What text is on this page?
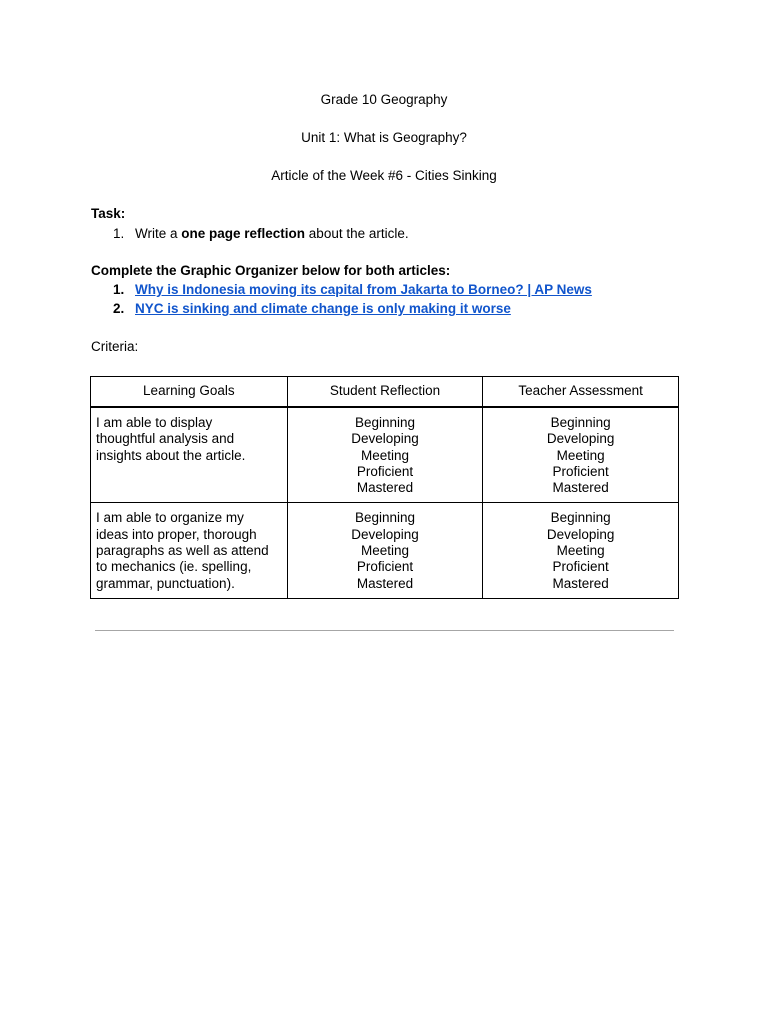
Grade 10 Geography
Unit 1: What is Geography?
Article of the Week #6 - Cities Sinking
Task:
1. Write a one page reflection about the article.
Complete the Graphic Organizer below for both articles:
1. Why is Indonesia moving its capital from Jakarta to Borneo? | AP News
2. NYC is sinking and climate change is only making it worse
Criteria:
Learning Goals	Student Reflection	Teacher Assessment

I am able to display
thoughtful analysis and
insights about the article.	Beginning
Developing
Meeting
Proficient
Mastered	Beginning
Developing
Meeting
Proficient
Mastered

I am able to organize my
ideas into proper, thorough
paragraphs as well as attend
to mechanics (ie. spelling,
grammar, punctuation).	Beginning
Developing
Meeting
Proficient
Mastered	Beginning
Developing
Meeting
Proficient
Mastered
